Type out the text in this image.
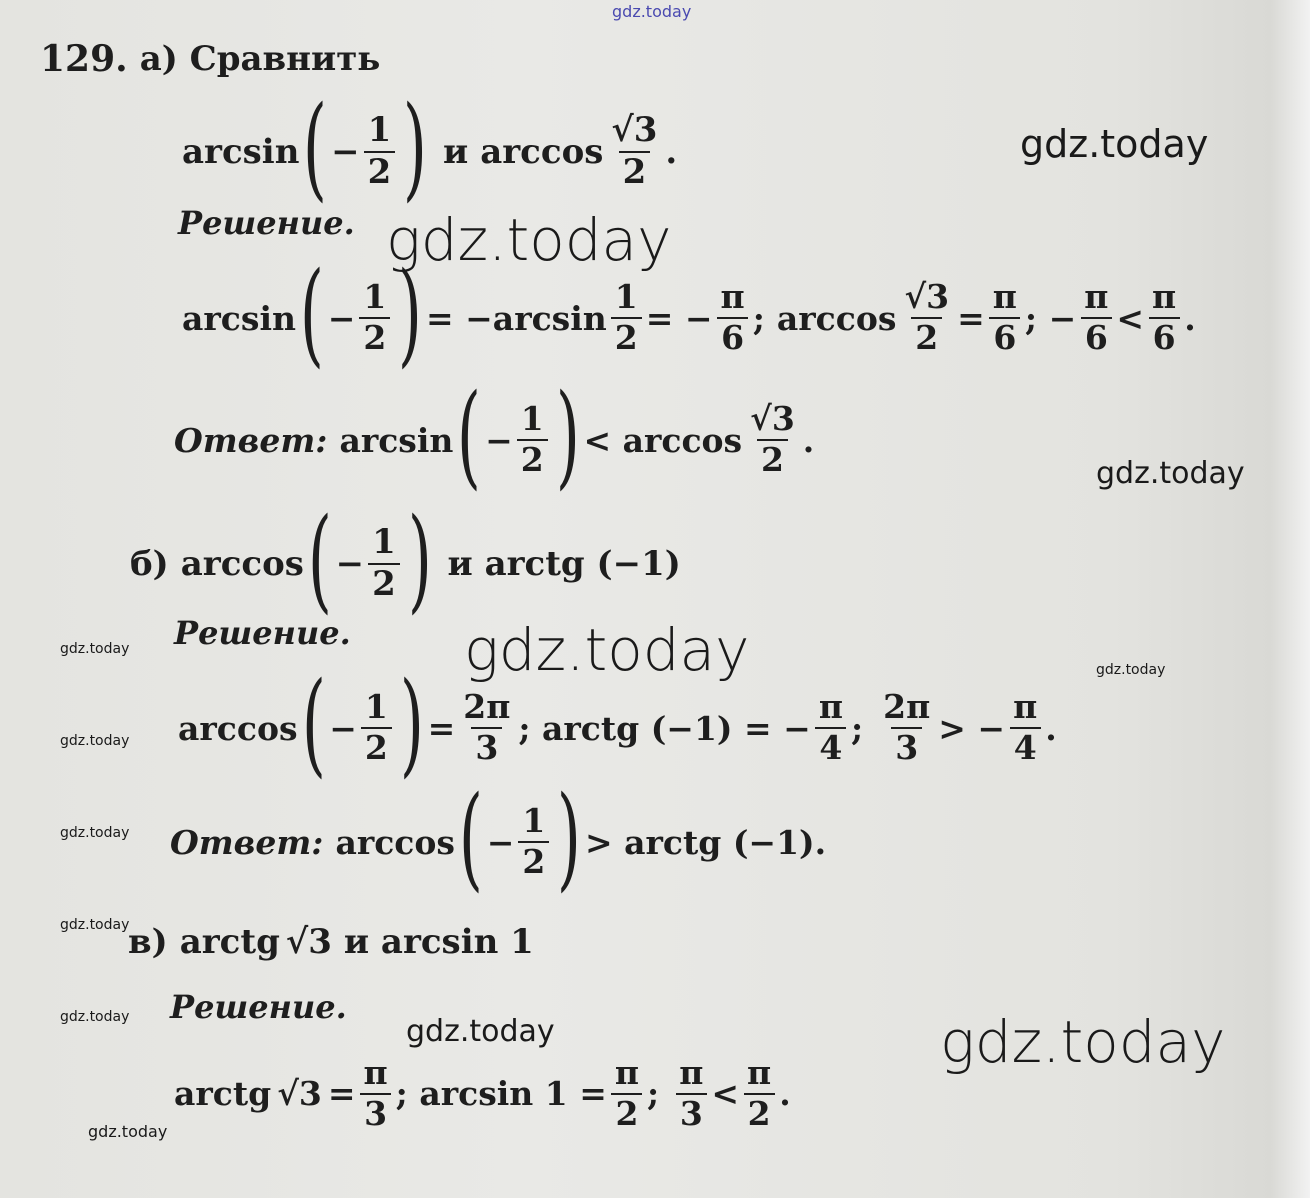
gdz.today
129. а) Сравнить
arcsin ( − $\frac{1}{2}$ ) и $\arccos \frac{√3}{2}$ .
Решение.
arcsin ( − $\frac{1}{2}$ ) = $-\arcsin \frac{1}{2}$ = − $\frac{\pi}{6}$ ; $\arccos \frac{√3}{2} = \frac{\pi}{6}$ ; − $\frac{\pi}{6} < \frac{\pi}{6}$ .
Ответ: arcsin ( − $\frac{1}{2}$ ) < $\arccos \frac{√3}{2}$ .
б) arccos ( − $\frac{1}{2}$ ) и arctg (−1)
Решение.
arccos ( − $\frac{1}{2}$ ) = $\frac{2\pi}{3}$ ; arctg (−1) = − $\frac{\pi}{4}$ ; $\frac{2\pi}{3}$ > − $\frac{\pi}{4}$ .
Ответ: arccos ( − $\frac{1}{2}$ ) > arctg (−1).
в) arctg √3 и arcsin 1
Решение.
arctg $√3 = \frac{\pi}{3}$ ; $\arcsin 1 = \frac{\pi}{2}$ ; $\frac{\pi}{3} < \frac{\pi}{2}$ .
gdz.today
gdz.today
gdz.today
gdz.today
gdz.today
gdz.today
gdz.today
gdz.today
gdz.today
gdz.today	gdz.today	gdz.today
gdz.today
